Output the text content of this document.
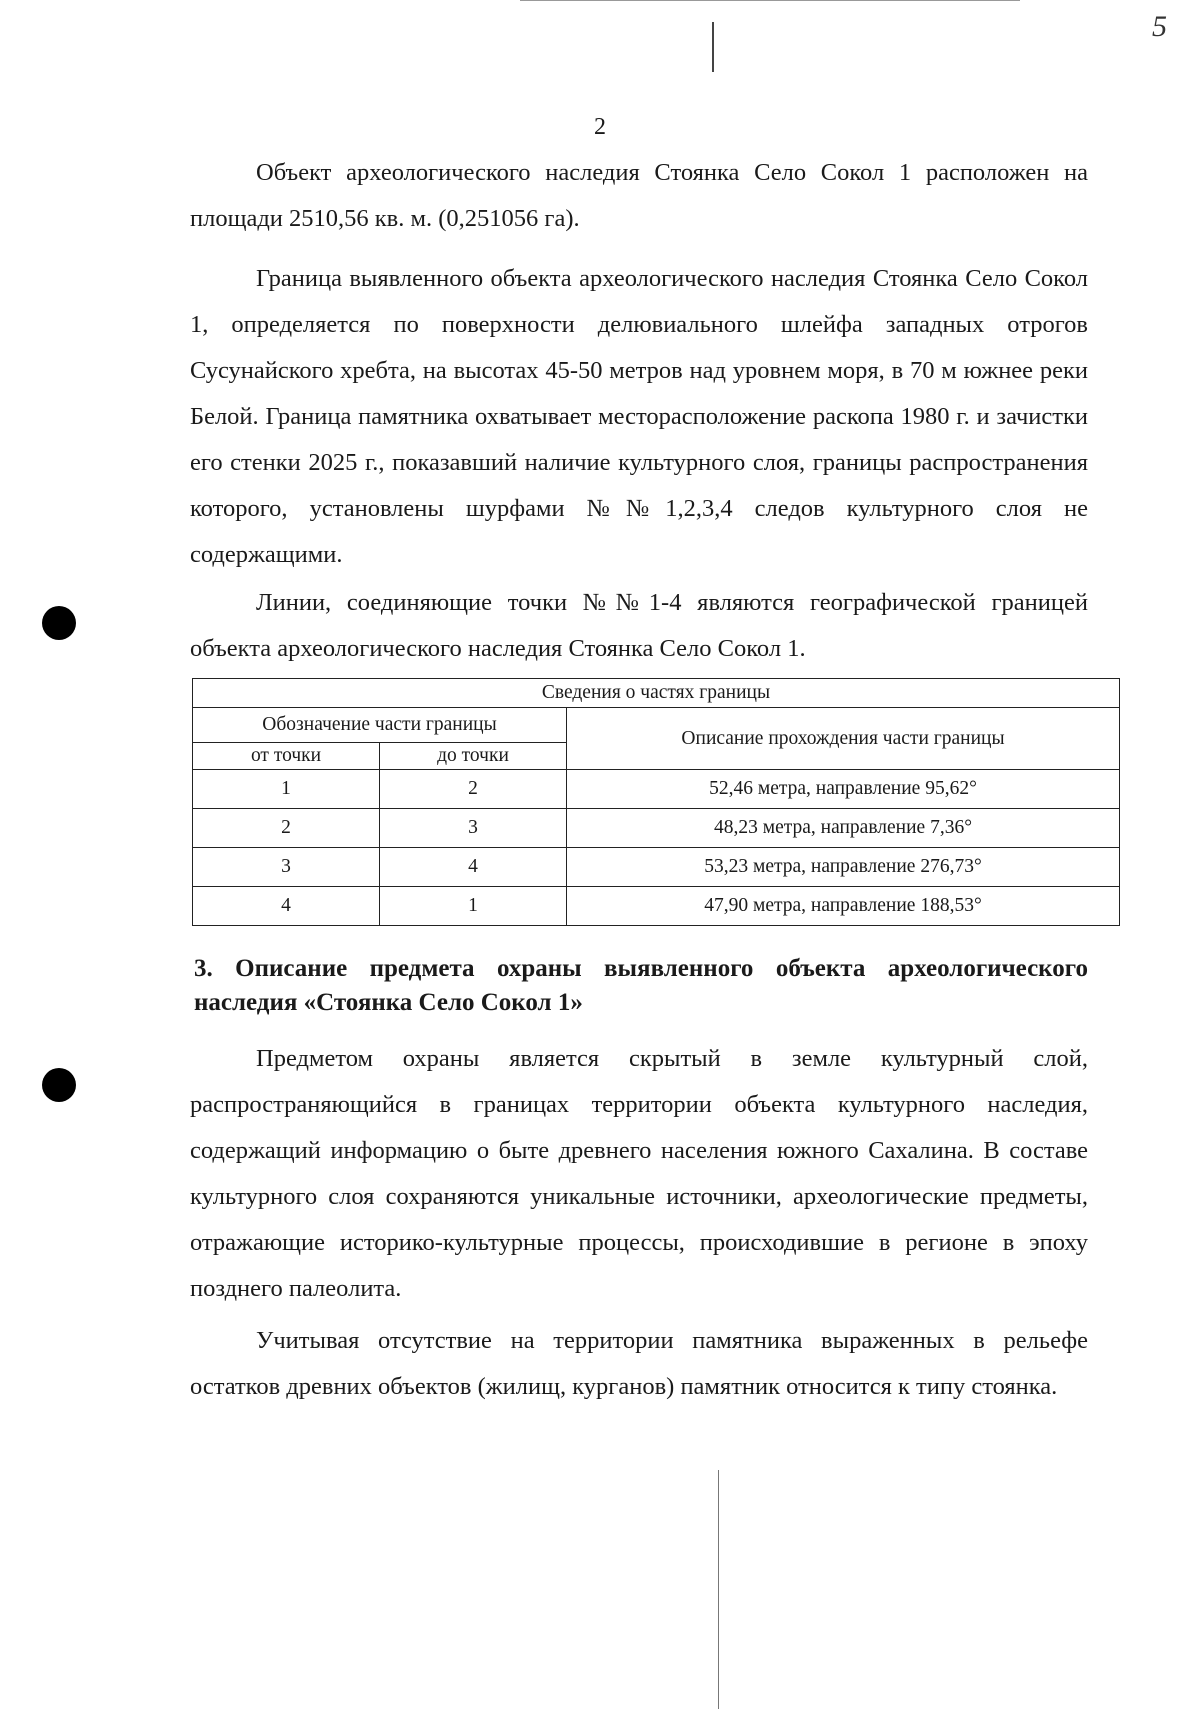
5
2

Объект археологического наследия Стоянка Село Сокол 1 расположен на площади 2510,56 кв. м. (0,251056 га).

Граница выявленного объекта археологического наследия Стоянка Село Сокол 1, определяется по поверхности делювиального шлейфа западных отрогов Сусунайского хребта, на высотах 45-50 метров над уровнем моря, в 70 м южнее реки Белой. Граница памятника охватывает месторасположение раскопа 1980 г. и зачистки его стенки 2025 г., показавший наличие культурного слоя, границы распространения которого, установлены шурфами №№1,2,3,4 следов культурного слоя не содержащими.

Линии, соединяющие точки №№1-4 являются географической границей объекта археологического наследия Стоянка Село Сокол 1.

Сведения о частях границы		
Обозначение части границы		Описание прохождения части границы
от точки	до точки	
1	2	52,46 метра, направление 95,62°
2	3	48,23 метра, направление 7,36°
3	4	53,23 метра, направление 276,73°
4	1	47,90 метра, направление 188,53°

3. Описание предмета охраны выявленного объекта археологического наследия «Стоянка Село Сокол 1»

Предметом охраны является скрытый в земле культурный слой, распространяющийся в границах территории объекта культурного наследия, содержащий информацию о быте древнего населения южного Сахалина. В составе культурного слоя сохраняются уникальные источники, археологические предметы, отражающие историко-культурные процессы, происходившие в регионе в эпоху позднего палеолита.

Учитывая отсутствие на территории памятника выраженных в рельефе остатков древних объектов (жилищ, курганов) памятник относится к типу стоянка.
